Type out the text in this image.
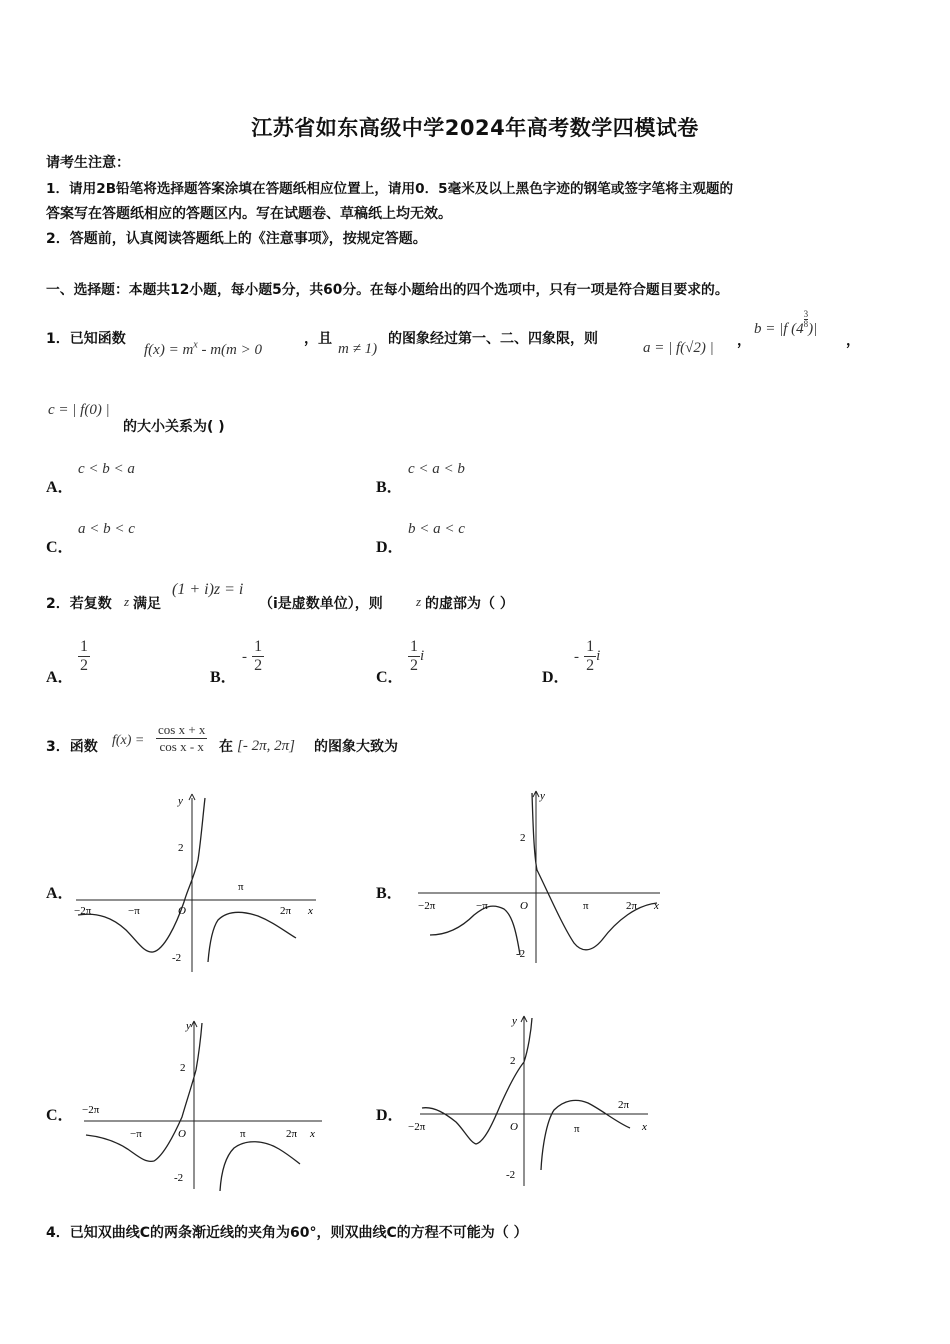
江苏省如东高级中学2024年高考数学四模试卷
请考生注意：
1．请用2B铅笔将选择题答案涂填在答题纸相应位置上，请用0．5毫米及以上黑色字迹的钢笔或签字笔将主观题的
答案写在答题纸相应的答题区内。写在试题卷、草稿纸上均无效。
2．答题前，认真阅读答题纸上的《注意事项》，按规定答题。
一、选择题：本题共12小题，每小题5分，共60分。在每小题给出的四个选项中，只有一项是符合题目要求的。
1．已知函数
$f(x) = m^x - m(m > 0$
，且
m ≠ 1)
的图象经过第一、二、四象限，则
a = | f(√2) | ，
b = |f ($4 \frac{3}{8}$ )|
，
c = | f(0) |
的大小关系为( )
A．
c < b < a
B．
c < a < b
C．
a < b < c
D．
b < a < c
2．若复数 z 满足
(1 + i)z = i
（i是虚数单位），则	z 的虚部为（ ）
A．
$\frac{1}{2}$
B．
- $\frac{1}{2}$
C．
$\frac{1}{2}$ i
D．
- $\frac{1}{2}$ i
3．函数 $f(x) = \frac{\text{cos x + x}}{\text{cos x - x}}$ 在 [- 2π, 2π] 的图象大致为
A．	B．
C．	D．
y
2
-2
O
π
−π
−2π	2π x
y
2
-2
O	π
−π
−2π	2π x
y
2
-2
O	π
−π
−2π
2π x
y
2
-2
O	π
−2π
2π
x
4．已知双曲线C的两条渐近线的夹角为60°，则双曲线C的方程不可能为（ ）
